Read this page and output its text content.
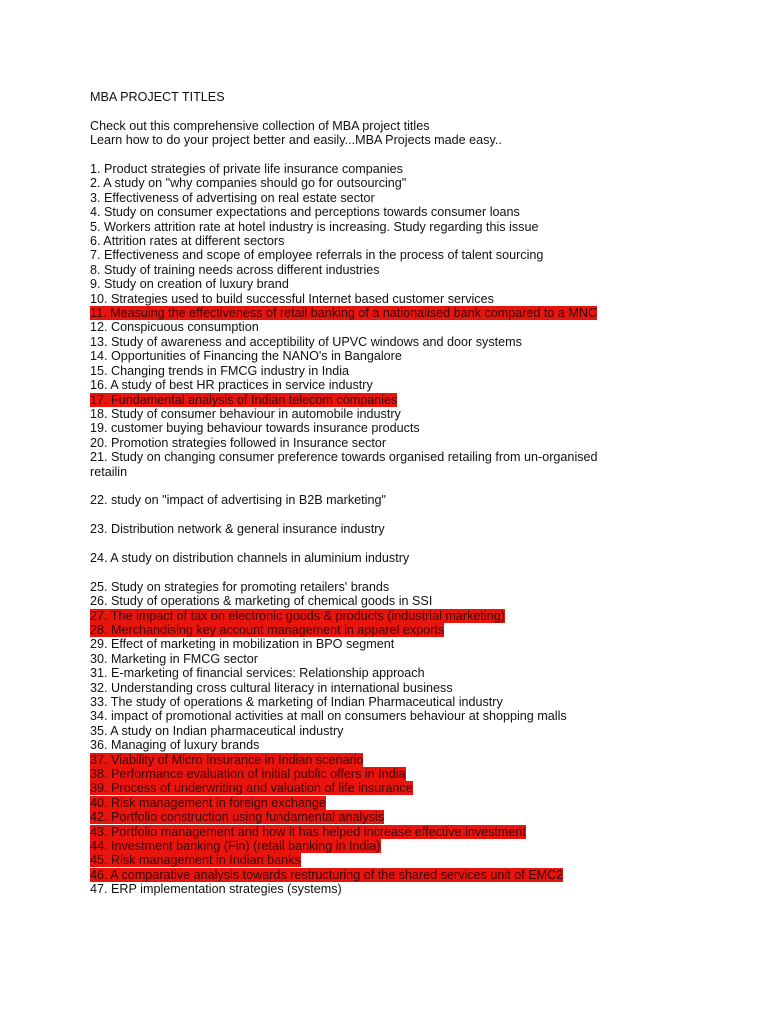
MBA PROJECT TITLES
Check out this comprehensive collection of MBA project titles
Learn how to do your project better and easily...MBA Projects made easy..
1. Product strategies of private life insurance companies
2. A study on "why companies should go for outsourcing"
3. Effectiveness of advertising on real estate sector
4. Study on consumer expectations and perceptions towards consumer loans
5. Workers attrition rate at hotel industry is increasing. Study regarding this issue
6. Attrition rates at different sectors
7. Effectiveness and scope of employee referrals in the process of talent sourcing
8. Study of training needs across different industries
9. Study on creation of luxury brand
10. Strategies used to build successful Internet based customer services
11. Measuing the effectiveness of retail banking of a nationalised bank compared to a MNC
12. Conspicuous consumption
13. Study of awareness and acceptibility of UPVC windows and door systems
14. Opportunities of Financing the NANO's in Bangalore
15. Changing trends in FMCG industry in India
16. A study of best HR practices in service industry
17. Fundamental analysis of Indian telecom companies
18. Study of consumer behaviour in automobile industry
19. customer buying behaviour towards insurance products
20. Promotion strategies followed in Insurance sector
21. Study on changing consumer preference towards organised retailing from un-organised retailin
22. study on "impact of advertising in B2B marketing"
23. Distribution network & general insurance industry
24. A study on distribution channels in aluminium industry
25. Study on strategies for promoting retailers' brands
26. Study of operations & marketing of chemical goods in SSI
27. The impact of tax on electronic goods & products (industrial marketing)
28. Merchandising key account management in apparel exports
29. Effect of marketing in mobilization in BPO segment
30. Marketing in FMCG sector
31. E-marketing of financial services: Relationship approach
32. Understanding cross cultural literacy in international business
33. The study of operations & marketing of Indian Pharmaceutical industry
34. impact of promotional activities at mall on consumers behaviour at shopping malls
35. A study on Indian pharmaceutical industry
36. Managing of luxury brands
37. Viability of Micro Insurance in Indian scenario
38. Performance evaluation of initial public offers in India
39. Process of underwriting and valuation of life insurance
40. Risk management in foreign exchange
42. Portfolio construction using fundamental analysis
43. Portfolio management and how it has helped increase effective investment
44. Investment banking (Fin) (retail banking in India)
45. Risk management in Indian banks
46. A comparative analysis towards restructuring of the shared services unit of EMC2
47. ERP implementation strategies (systems)
